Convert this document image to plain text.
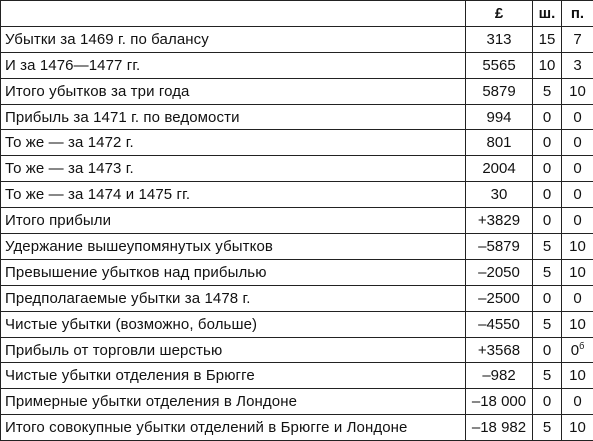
	£	ш.	п.
Убытки за 1469 г. по балансу	313	15	7
И за 1476—1477 гг.	5565	10	3
Итого убытков за три года	5879	5	10
Прибыль за 1471 г. по ведомости	994	0	0
То же — за 1472 г.	801	0	0
То же — за 1473 г.	2004	0	0
То же — за 1474 и 1475 гг.	30	0	0
Итого прибыли	+3829	0	0
Удержание вышеупомянутых убытков	–5879	5	10
Превышение убытков над прибылью	–2050	5	10
Предполагаемые убытки за 1478 г.	–2500	0	0
Чистые убытки (возможно, больше)	–4550	5	10
Прибыль от торговли шерстью	+3568	0	$0^б$
Чистые убытки отделения в Брюгге	–982	5	10
Примерные убытки отделения в Лондоне	–18 000	0	0
Итого совокупные убытки отделений в Брюгге и Лондоне	–18 982	5	10
